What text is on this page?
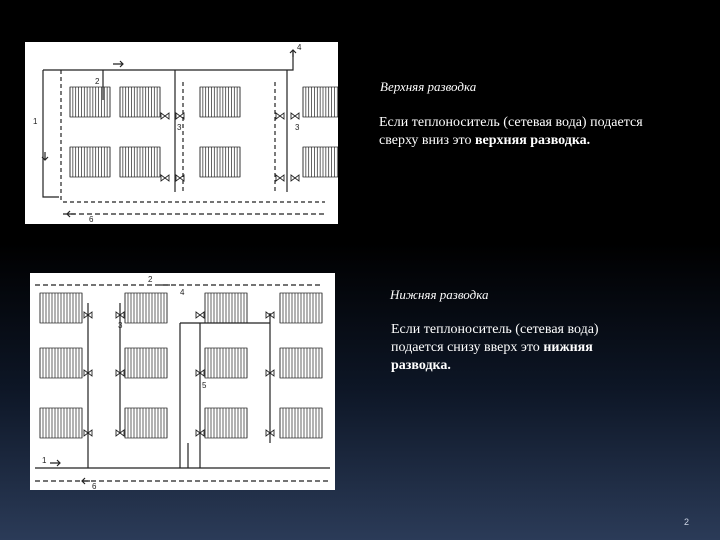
2
1
3	3
4
6
2
1
3
4
5
6
Верхняя разводка
Если теплоноситель (сетевая вода) подается сверху вниз это верхняя разводка.
Нижняя разводка
Если теплоноситель (сетевая вода) подается снизу вверх это нижняя разводка.
2
